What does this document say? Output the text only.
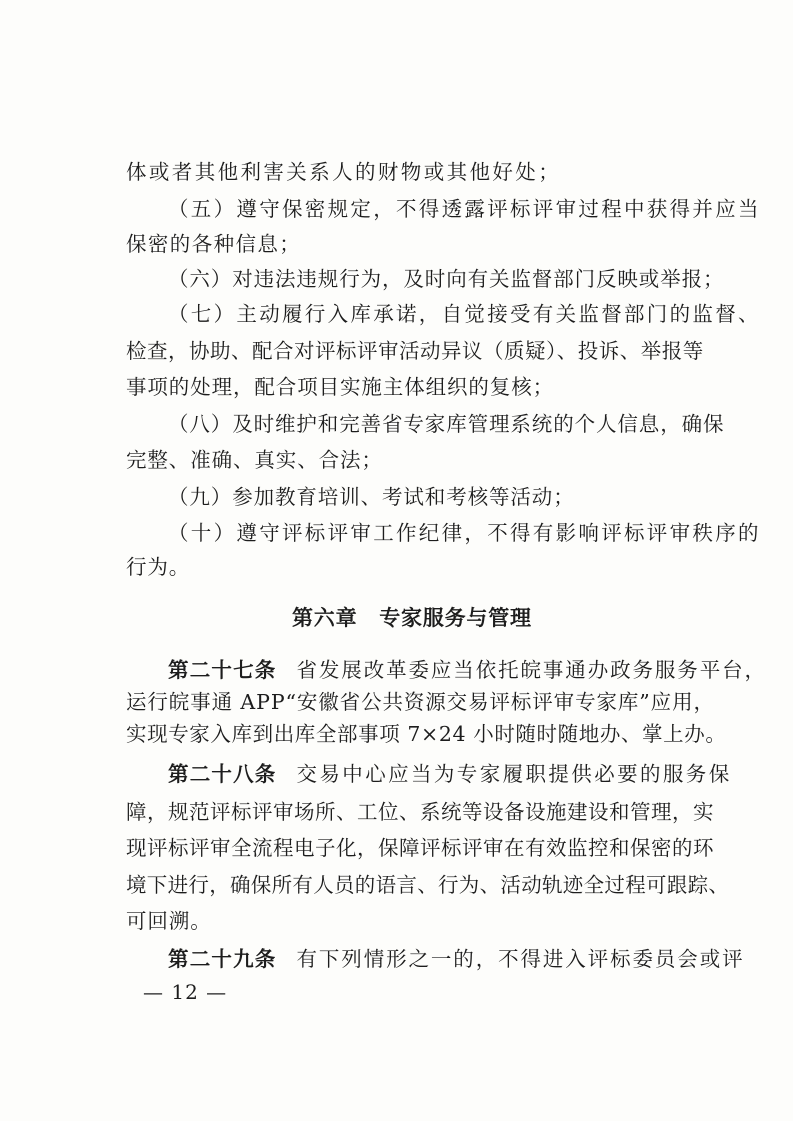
体或者其他利害关系人的财物或其他好处；
（五）遵守保密规定，不得透露评标评审过程中获得并应当
保密的各种信息；
（六）对违法违规行为，及时向有关监督部门反映或举报；
（七）主动履行入库承诺，自觉接受有关监督部门的监督、
检查，协助、配合对评标评审活动异议（质疑）、投诉、举报等
事项的处理，配合项目实施主体组织的复核；
（八）及时维护和完善省专家库管理系统的个人信息，确保
完整、准确、真实、合法；
（九）参加教育培训、考试和考核等活动；
（十）遵守评标评审工作纪律，不得有影响评标评审秩序的
行为。
第六章　专家服务与管理
第二十七条 省发展改革委应当依托皖事通办政务服务平台，
运行皖事通 APP“安徽省公共资源交易评标评审专家库”应用，
实现专家入库到出库全部事项 7×24 小时随时随地办、掌上办。
第二十八条 交易中心应当为专家履职提供必要的服务保
障，规范评标评审场所、工位、系统等设备设施建设和管理，实
现评标评审全流程电子化，保障评标评审在有效监控和保密的环
境下进行，确保所有人员的语言、行为、活动轨迹全过程可跟踪、
可回溯。
第二十九条 有下列情形之一的，不得进入评标委员会或评
— 12 —
